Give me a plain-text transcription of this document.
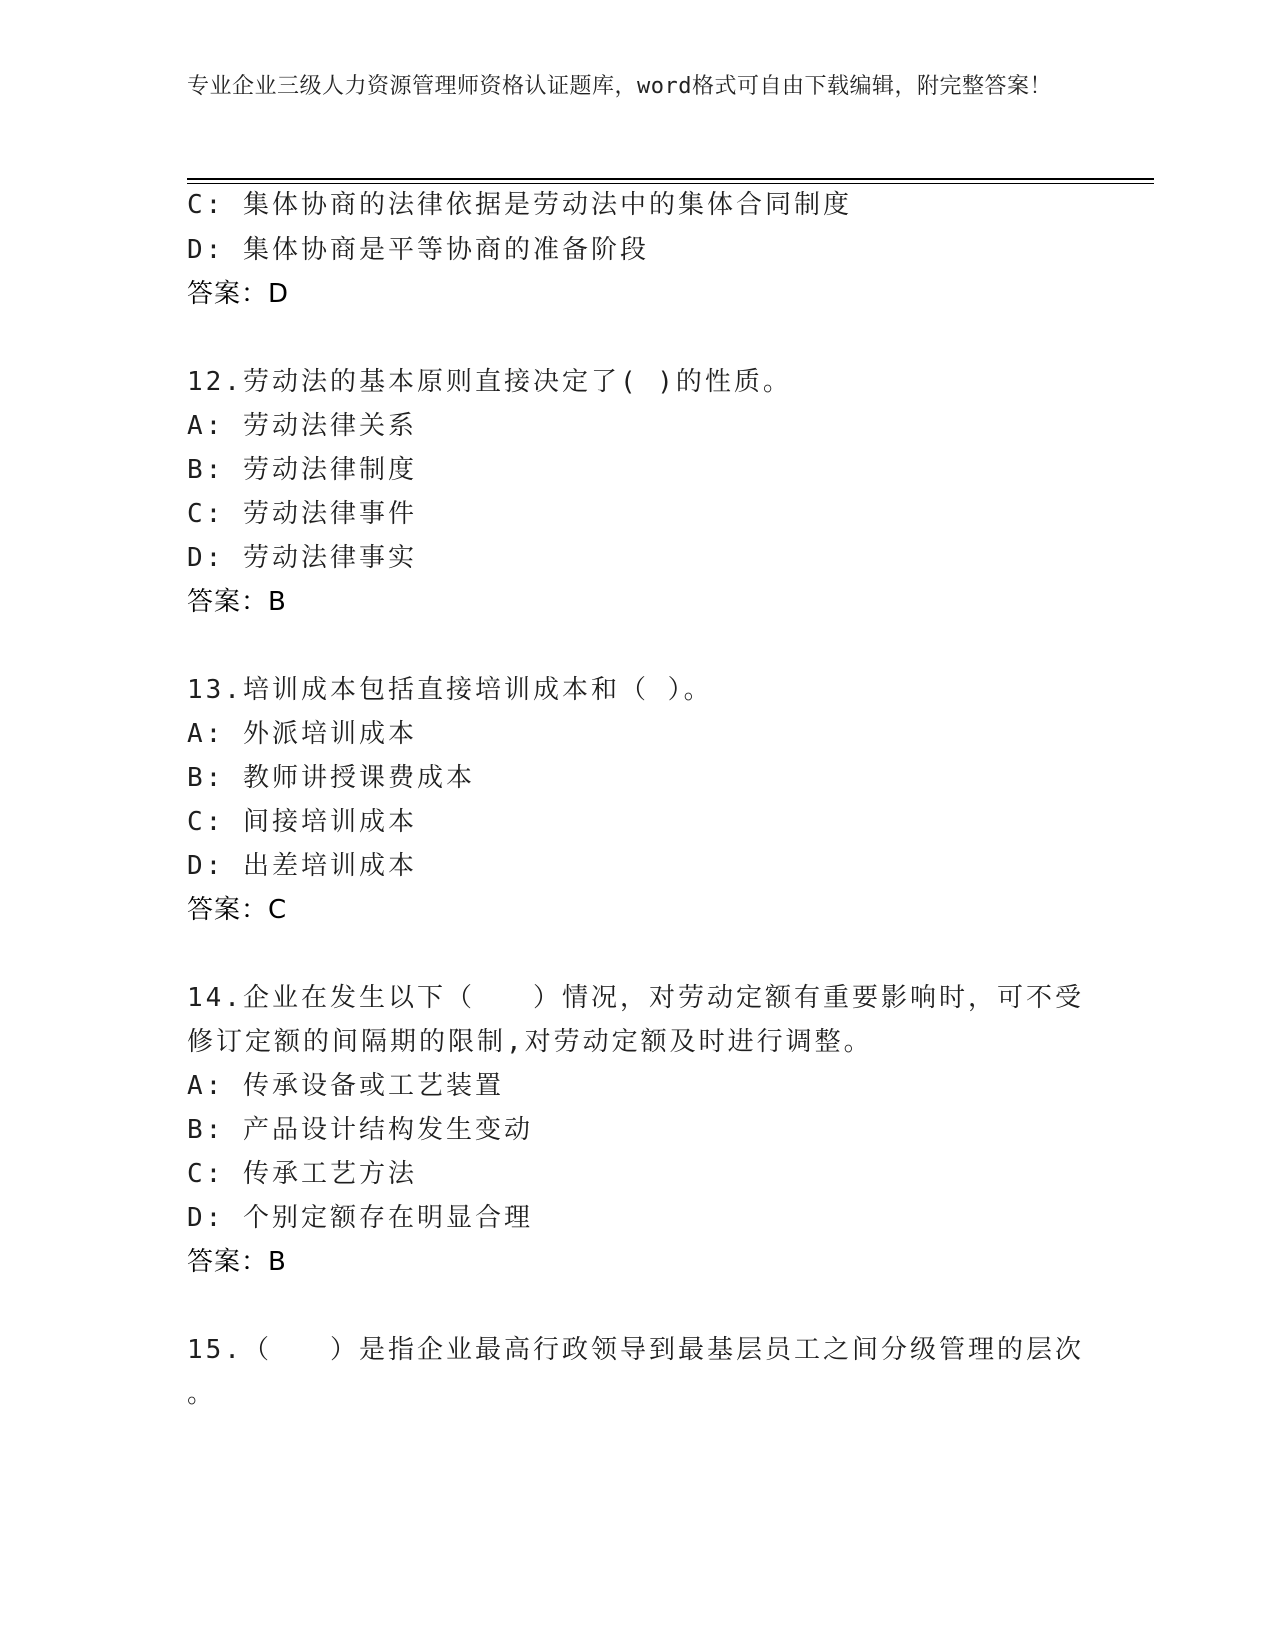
专业企业三级人力资源管理师资格认证题库，word格式可自由下载编辑，附完整答案！
C: 集体协商的法律依据是劳动法中的集体合同制度
D: 集体协商是平等协商的准备阶段
答案：D
12.劳动法的基本原则直接决定了( )的性质。
A: 劳动法律关系
B: 劳动法律制度
C: 劳动法律事件
D: 劳动法律事实
答案：B
13.培训成本包括直接培训成本和（ ）。
A: 外派培训成本
B: 教师讲授课费成本
C: 间接培训成本
D: 出差培训成本
答案：C
14.企业在发生以下（　　）情况，对劳动定额有重要影响时，可不受
修订定额的间隔期的限制,对劳动定额及时进行调整。
A: 传承设备或工艺装置
B: 产品设计结构发生变动
C: 传承工艺方法
D: 个别定额存在明显合理
答案：B
15.（　　）是指企业最高行政领导到最基层员工之间分级管理的层次
。
